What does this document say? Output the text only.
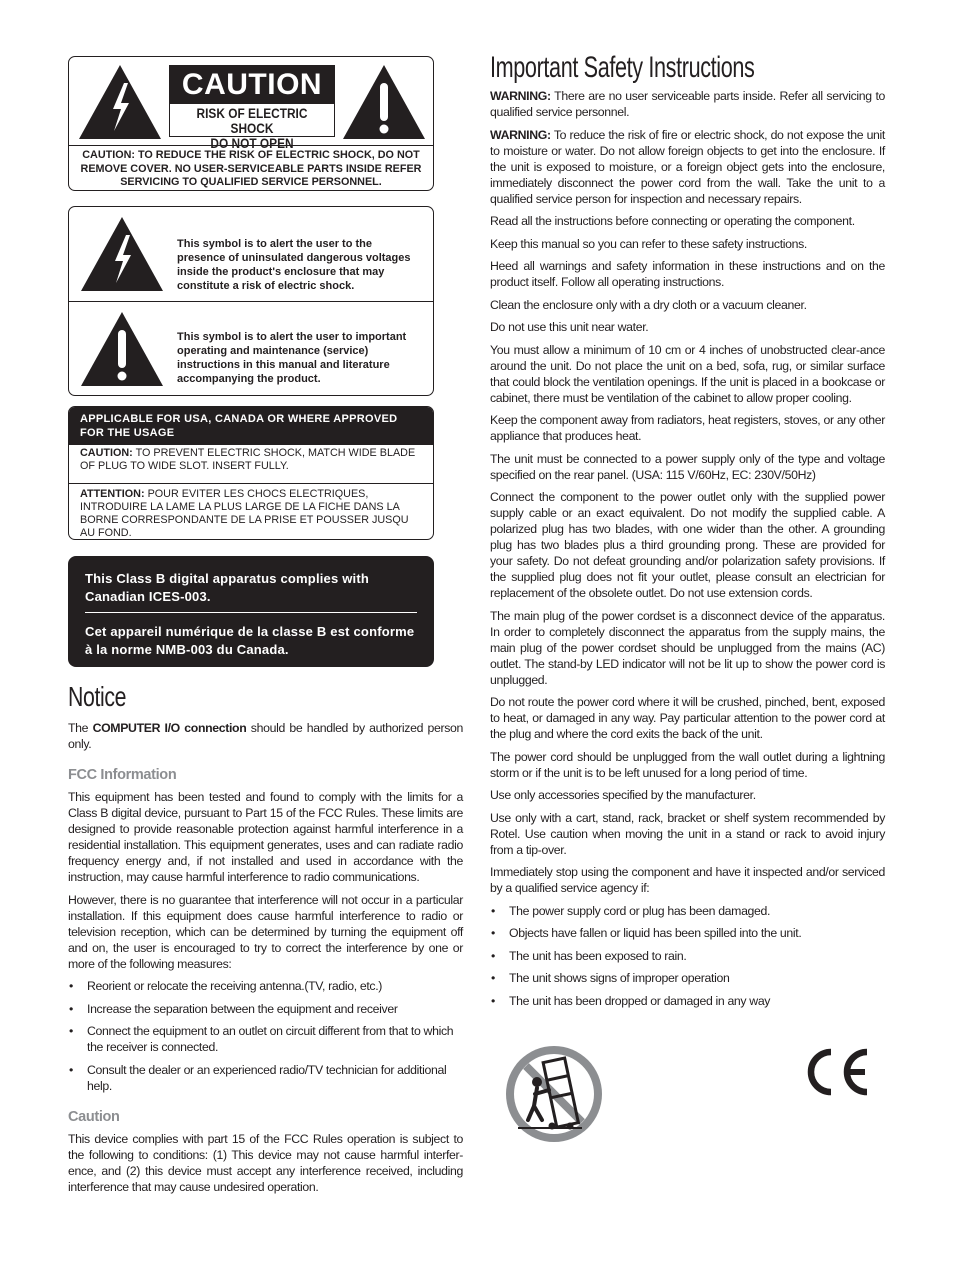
CAUTION
RISK OF ELECTRIC SHOCK
DO NOT OPEN
CAUTION: TO REDUCE THE RISK OF ELECTRIC SHOCK, DO NOT REMOVE COVER. NO USER-SERVICEABLE PARTS INSIDE REFER SERVICING TO QUALIFIED SERVICE PERSONNEL.
This symbol is to alert the user to the presence of uninsulated dangerous voltages inside the product's enclosure that may constitute a risk of electric shock.
This symbol is to alert the user to important operating and maintenance (service) instructions in this manual and literature accompanying the product.
APPLICABLE FOR USA, CANADA OR WHERE APPROVED FOR THE USAGE
CAUTION: TO PREVENT ELECTRIC SHOCK, MATCH WIDE BLADE OF PLUG TO WIDE SLOT. INSERT FULLY.
ATTENTION: POUR EVITER LES CHOCS ELECTRIQUES, INTRODUIRE LA LAME LA PLUS LARGE DE LA FICHE DANS LA BORNE CORRESPONDANTE DE LA PRISE ET POUSSER JUSQU AU FOND.
This Class B digital apparatus complies with Canadian ICES-003.
Cet appareil numérique de la classe B est conforme à la norme NMB-003 du Canada.
Notice

The COMPUTER I/O connection should be handled by authorized person only.

FCC Information

This equipment has been tested and found to comply with the limits for a Class B digital device, pursuant to Part 15 of the FCC Rules. These limits are designed to provide reasonable protection against harmful interference in a residential installation. This equipment generates, uses and can radiate radio frequency energy and, if not installed and used in accordance with the instruction, may cause harmful interference to radio communications.

However, there is no guarantee that interference will not occur in a particular installation. If this equipment does cause harmful interference to radio or television reception, which can be determined by turning the equipment off and on, the user is encouraged to try to correct the interference by one or more of the following measures:

• Reorient or relocate the receiving antenna.(TV, radio, etc.)
• Increase the separation between the equipment and receiver
• Connect the equipment to an outlet on circuit different from that to which the receiver is connected.
• Consult the dealer or an experienced radio/TV technician for additional help.

Caution

This device complies with part 15 of the FCC Rules operation is subject to the following to conditions: (1) This device may not cause harmful interfer-ence, and (2) this device must accept any interference received, including interference that may cause undesired operation.

Important Safety Instructions

WARNING: There are no user serviceable parts inside. Refer all servicing to qualified service personnel.

WARNING: To reduce the risk of fire or electric shock, do not expose the unit to moisture or water. Do not allow foreign objects to get into the enclosure. If the unit is exposed to moisture, or a foreign object gets into the enclosure, immediately disconnect the power cord from the wall. Take the unit to a qualified service person for inspection and necessary repairs.

Read all the instructions before connecting or operating the component.

Keep this manual so you can refer to these safety instructions.

Heed all warnings and safety information in these instructions and on the product itself. Follow all operating instructions.

Clean the enclosure only with a dry cloth or a vacuum cleaner.

Do not use this unit near water.

You must allow a minimum of 10 cm or 4 inches of unobstructed clear-ance around the unit. Do not place the unit on a bed, sofa, rug, or similar surface that could block the ventilation openings. If the unit is placed in a bookcase or cabinet, there must be ventilation of the cabinet to allow proper cooling.

Keep the component away from radiators, heat registers, stoves, or any other appliance that produces heat.

The unit must be connected to a power supply only of the type and voltage specified on the rear panel. (USA: 115 V/60Hz, EC: 230V/50Hz)

Connect the component to the power outlet only with the supplied power supply cable or an exact equivalent. Do not modify the supplied cable. A polarized plug has two blades, with one wider than the other. A grounding plug has two blades plus a third grounding prong. These are provided for your safety. Do not defeat grounding and/or polarization safety provisions. If the supplied plug does not fit your outlet, please consult an electrician for replacement of the obsolete outlet. Do not use extension cords.

The main plug of the power cordset is a disconnect device of the apparatus. In order to completely disconnect the apparatus from the supply mains, the main plug of the power cordset should be unplugged from the mains (AC) outlet. The stand-by LED indicator will not be lit up to show the power cord is unplugged.

Do not route the power cord where it will be crushed, pinched, bent, exposed to heat, or damaged in any way. Pay particular attention to the power cord at the plug and where the cord exits the back of the unit.

The power cord should be unplugged from the wall outlet during a lightning storm or if the unit is to be left unused for a long period of time.

Use only accessories specified by the manufacturer.

Use only with a cart, stand, rack, bracket or shelf system recommended by Rotel. Use caution when moving the unit in a stand or rack to avoid injury from a tip-over.

Immediately stop using the component and have it inspected and/or serviced by a qualified service agency if:

• The power supply cord or plug has been damaged.
• Objects have fallen or liquid has been spilled into the unit.
• The unit has been exposed to rain.
• The unit shows signs of improper operation
• The unit has been dropped or damaged in any way
